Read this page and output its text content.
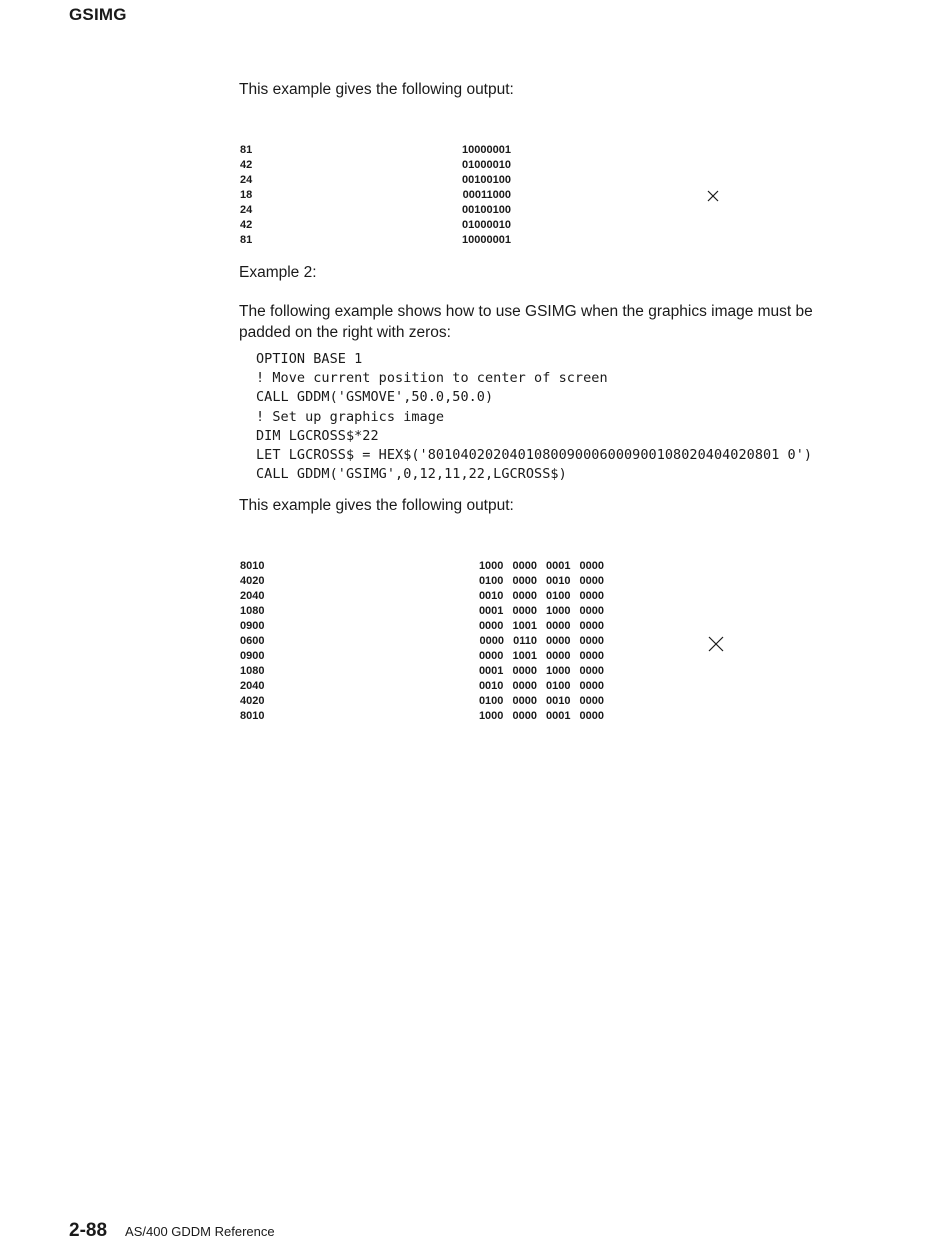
GSIMG
This example gives the following output:
81	10000001
42	01000010
24	00100100
18	00011000
24	00100100
42	01000010
81	10000001
Example 2:
The following example shows how to use GSIMG when the graphics image must be padded on the right with zeros:
OPTION BASE 1
! Move current position to center of screen
CALL GDDM('GSMOVE',50.0,50.0)
! Set up graphics image
DIM LGCROSS$*22
LET LGCROSS$ = HEX$('8010402020401080090006000900108020404020801 0')
CALL GDDM('GSIMG',0,12,11,22,LGCROSS$)
This example gives the following output:
8010	1000 0000 0001 0000
4020	0100 0000 0010 0000
2040	0010 0000 0100 0000
1080	0001 0000 1000 0000
0900	0000 1001 0000 0000
0600	0000 0110 0000 0000
0900	0000 1001 0000 0000
1080	0001 0000 1000 0000
2040	0010 0000 0100 0000
4020	0100 0000 0010 0000
8010	1000 0000 0001 0000
2-88 AS/400 GDDM Reference
